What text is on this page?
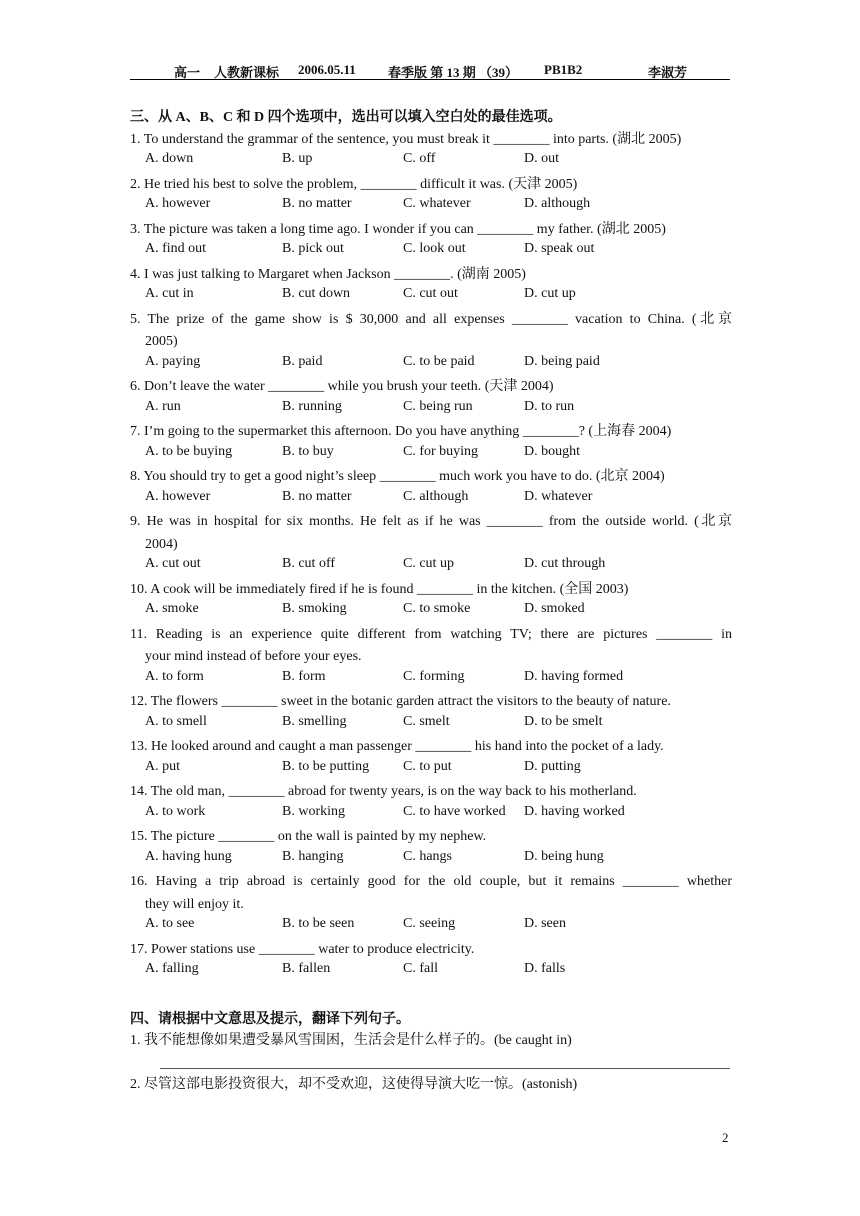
高一 人教新课标 2006.05.11 春季版 第 13 期 （39） PB1B2	李淑芳
三、从 A、B、C 和 D 四个选项中，选出可以填入空白处的最佳选项。
1. To understand the grammar of the sentence, you must break it ________ into parts. (湖北 2005)
A. down	B. up	C. off	D. out
2. He tried his best to solve the problem, ________ difficult it was. (天津 2005)
A. however	B. no matter	C. whatever	D. although
3. The picture was taken a long time ago. I wonder if you can ________ my father. (湖北 2005)
A. find out	B. pick out	C. look out	D. speak out
4. I was just talking to Margaret when Jackson ________. (湖南 2005)
A. cut in	B. cut down	C. cut out	D. cut up
5. The prize of the game show is $ 30,000 and all expenses ________ vacation to China. (北京
2005)
A. paying	B. paid	C. to be paid	D. being paid
6. Don’t leave the water ________ while you brush your teeth. (天津 2004)
A. run	B. running	C. being run	D. to run
7. I’m going to the supermarket this afternoon. Do you have anything ________? (上海春 2004)
A. to be buying	B. to buy	C. for buying	D. bought
8. You should try to get a good night’s sleep ________ much work you have to do. (北京 2004)
A. however	B. no matter	C. although	D. whatever
9. He was in hospital for six months. He felt as if he was ________ from the outside world. (北京
2004)
A. cut out	B. cut off	C. cut up	D. cut through
10. A cook will be immediately fired if he is found ________ in the kitchen. (全国 2003)
A. smoke	B. smoking	C. to smoke	D. smoked
11. Reading is an experience quite different from watching TV; there are pictures ________ in
your mind instead of before your eyes.
A. to form	B. form	C. forming	D. having formed
12. The flowers ________ sweet in the botanic garden attract the visitors to the beauty of nature.
A. to smell	B. smelling	C. smelt	D. to be smelt
13. He looked around and caught a man passenger ________ his hand into the pocket of a lady.
A. put	B. to be putting C. to put	D. putting
14. The old man, ________ abroad for twenty years, is on the way back to his motherland.
A. to work	B. working	C. to have worked D. having worked
15. The picture ________ on the wall is painted by my nephew.
A. having hung	B. hanging	C. hangs	D. being hung
16. Having a trip abroad is certainly good for the old couple, but it remains ________ whether
they will enjoy it.
A. to see	B. to be seen	C. seeing	D. seen
17. Power stations use ________ water to produce electricity.
A. falling	B. fallen	C. fall	D. falls
四、请根据中文意思及提示，翻译下列句子。
1. 我不能想像如果遭受暴风雪围困，生活会是什么样子的。(be caught in)
2. 尽管这部电影投资很大，却不受欢迎，这使得导演大吃一惊。(astonish)
2
